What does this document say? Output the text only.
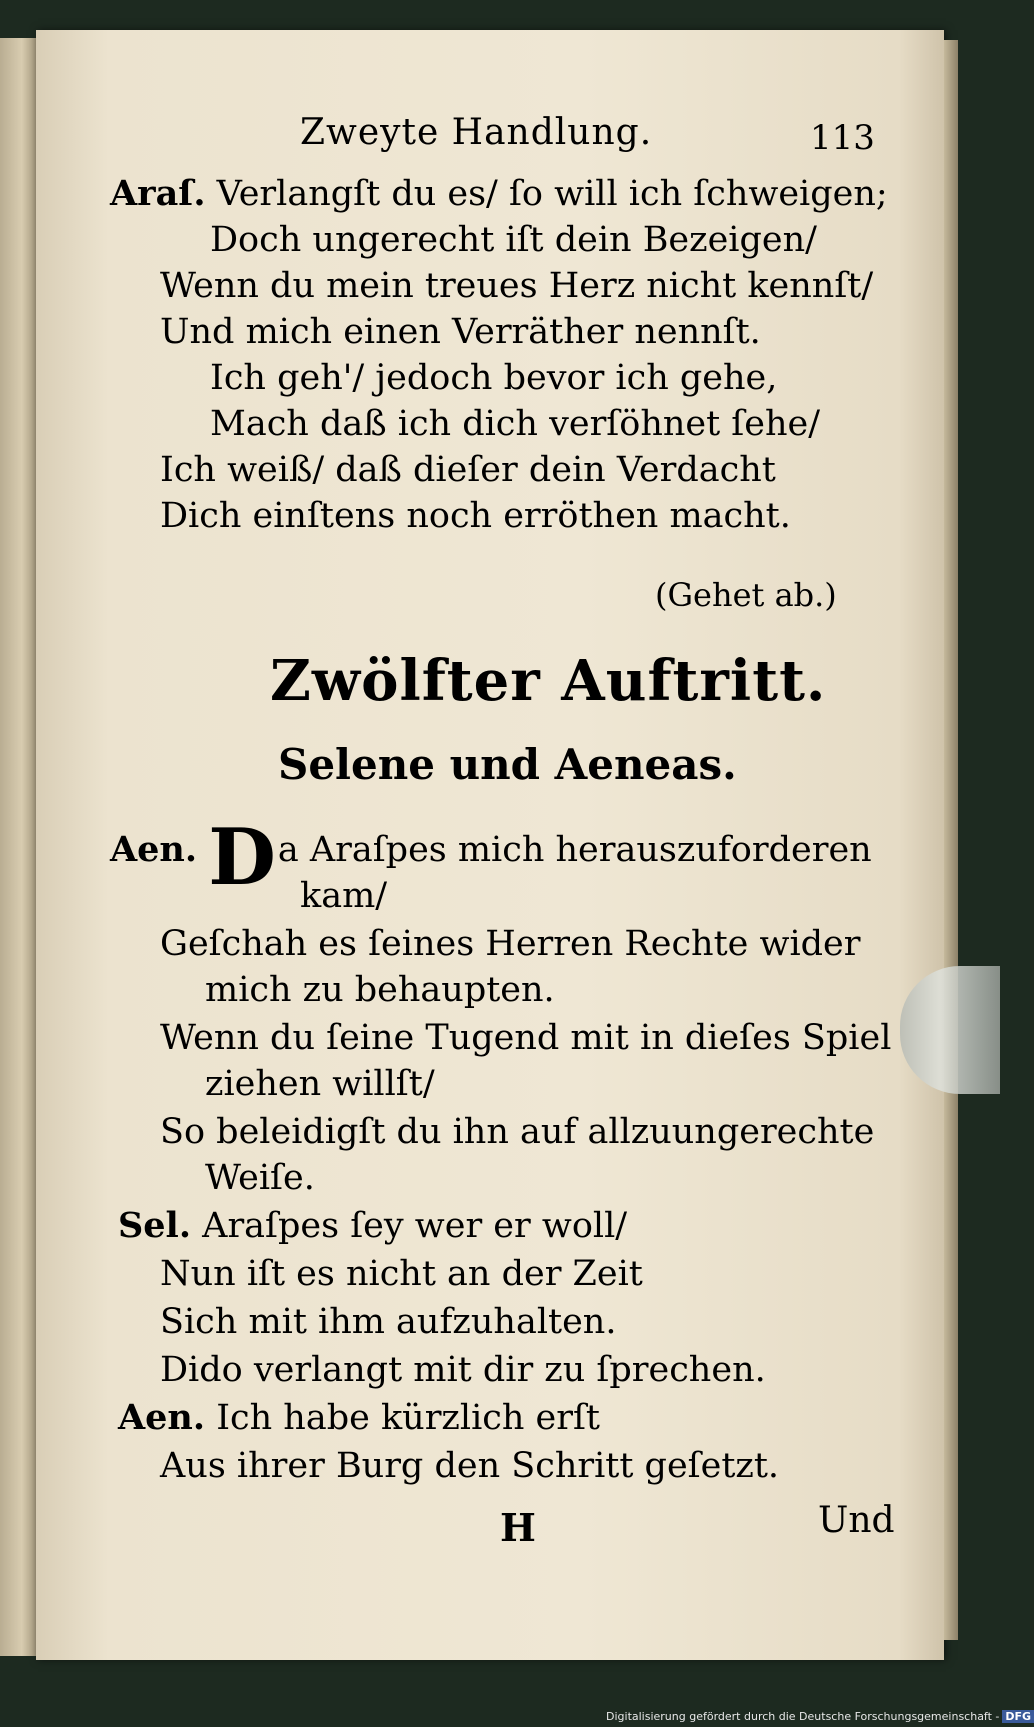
Zweyte Handlung.	113
Araſ. Verlangſt du es/ ſo will ich ſchweigen;
Doch ungerecht iſt dein Bezeigen/
Wenn du mein treues Herz nicht kennſt/
Und mich einen Verräther nennſt.
Ich geh'/ jedoch bevor ich gehe,
Mach daß ich dich verſöhnet ſehe/
Ich weiß/ daß dieſer dein Verdacht
Dich einſtens noch erröthen macht.
(Gehet ab.)
Zwölfter Auftritt.
Selene und Aeneas.
Aen. Da Araſpes mich herauszuforderen
kam/
Geſchah es ſeines Herren Rechte wider
mich zu behaupten.
Wenn du ſeine Tugend mit in dieſes Spiel
ziehen willſt/
So beleidigſt du ihn auf allzuungerechte
Weiſe.
Sel. Araſpes ſey wer er woll/
Nun iſt es nicht an der Zeit
Sich mit ihm aufzuhalten.
Dido verlangt mit dir zu ſprechen.
Aen. Ich habe kürzlich erſt
Aus ihrer Burg den Schritt geſetzt.
H	Und
Digitalisierung gefördert durch die Deutsche Forschungsgemeinschaft - DFG
